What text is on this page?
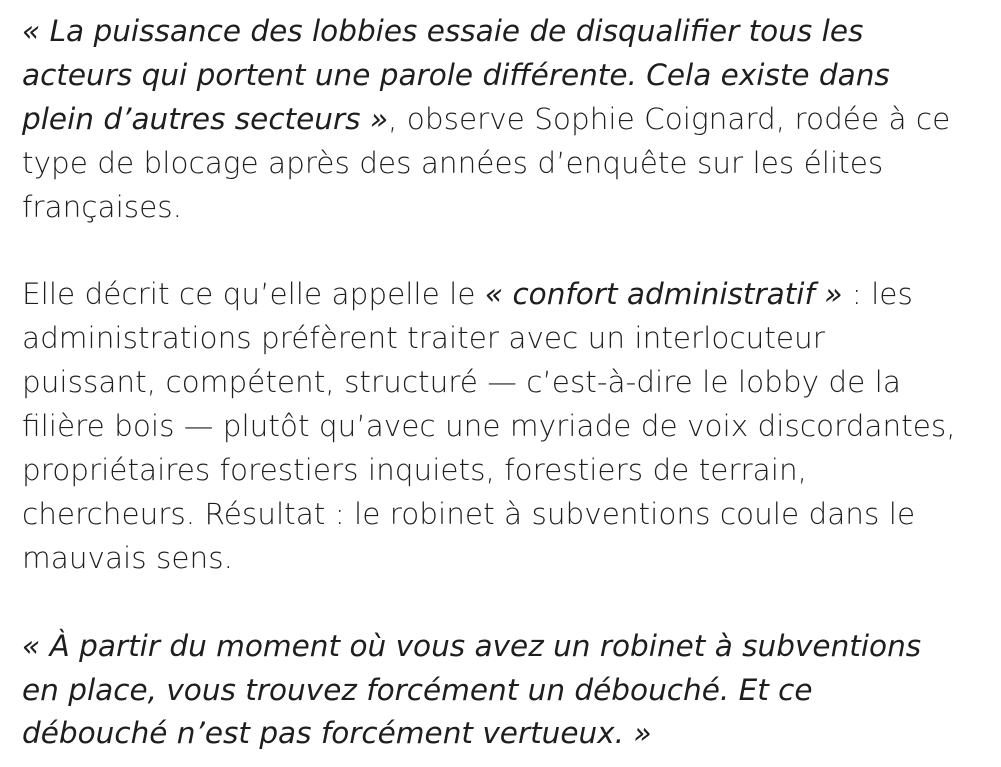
« La puissance des lobbies essaie de disqualifier tous les
acteurs qui portent une parole différente. Cela existe dans
plein d’autres secteurs », observe Sophie Coignard, rodée à ce
type de blocage après des années d’enquête sur les élites
françaises.

Elle décrit ce qu’elle appelle le « confort administratif » : les
administrations préfèrent traiter avec un interlocuteur
puissant, compétent, structuré — c’est-à-dire le lobby de la
filière bois — plutôt qu’avec une myriade de voix discordantes,
propriétaires forestiers inquiets, forestiers de terrain,
chercheurs. Résultat : le robinet à subventions coule dans le
mauvais sens.

« À partir du moment où vous avez un robinet à subventions
en place, vous trouvez forcément un débouché. Et ce
débouché n’est pas forcément vertueux. »
